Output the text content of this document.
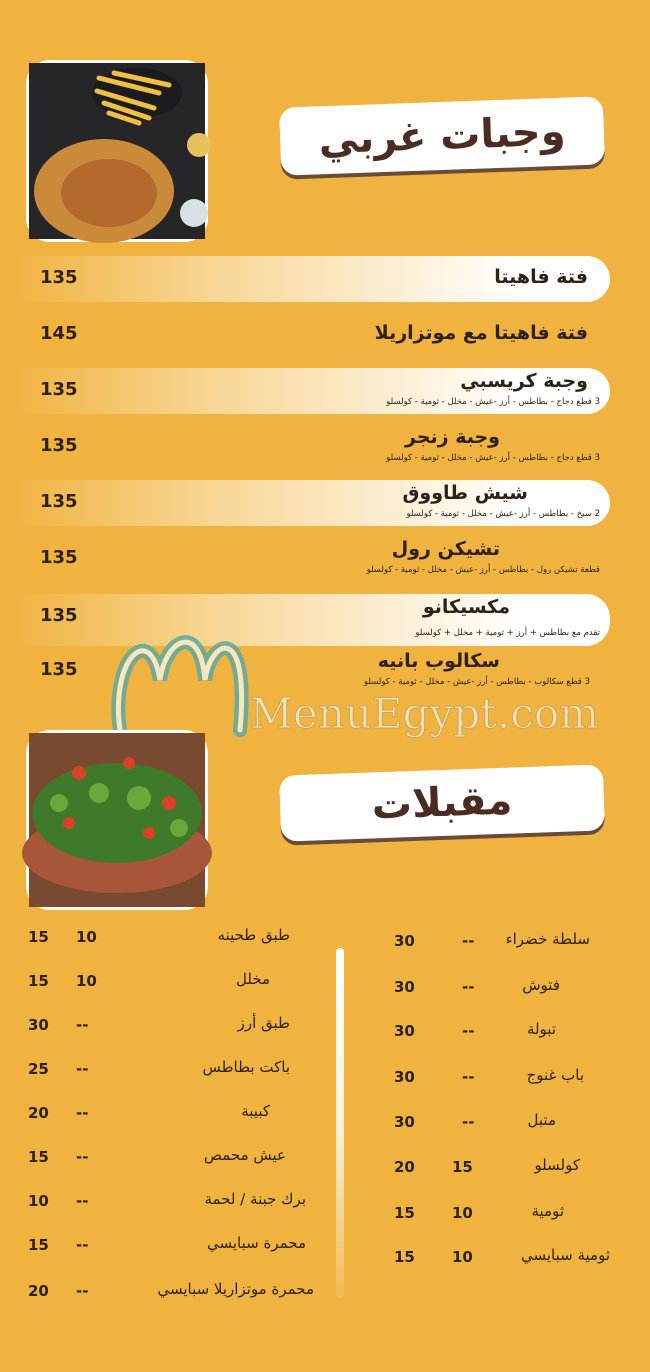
وجبات غربي
فتة فاهيتا
135
فتة فاهيتا مع موتزاريلا
145
وجبة كريسبي
3 قطع دجاج - بطاطس - أرز -عيش - مخلل - ثومية - كولسلو
135
وجبة زنجر
3 قطع دجاج - بطاطس - أرز -عيش - مخلل - ثومية - كولسلو
135
شيش طاووق
2 سيخ - بطاطس - أرز -عيش - مخلل - ثومية - كولسلو
135
تشيكن رول
قطعة تشيكن رول - بطاطس - أرز -عيش - مخلل - ثومية - كولسلو
135
مكسيكانو
تقدم مع بطاطس + أرز + ثومية + مخلل + كولسلو
135
سكالوب بانيه
3 قطع سكالوب - بطاطس - أرز -عيش - مخلل - ثومية - كولسلو
135
MenuEgypt.com
مقبلات
سلطة خضراء
--
30
فتوش
--
30
تبولة
--
30
باب غنوج
--
30
متبل
--
30
كولسلو
15
20
ثومية
10
15
ثومية سبايسي
10
15
طبق طحينه
10
15
مخلل
10
15
طبق أرز
--
30
باكت بطاطس
--
25
كبيبة
--
20
عيش محمص
--
15
برك جبنة / لحمة
--
10
محمرة سبايسي
--
15
محمرة موتزاريلا سبايسي
--
20
